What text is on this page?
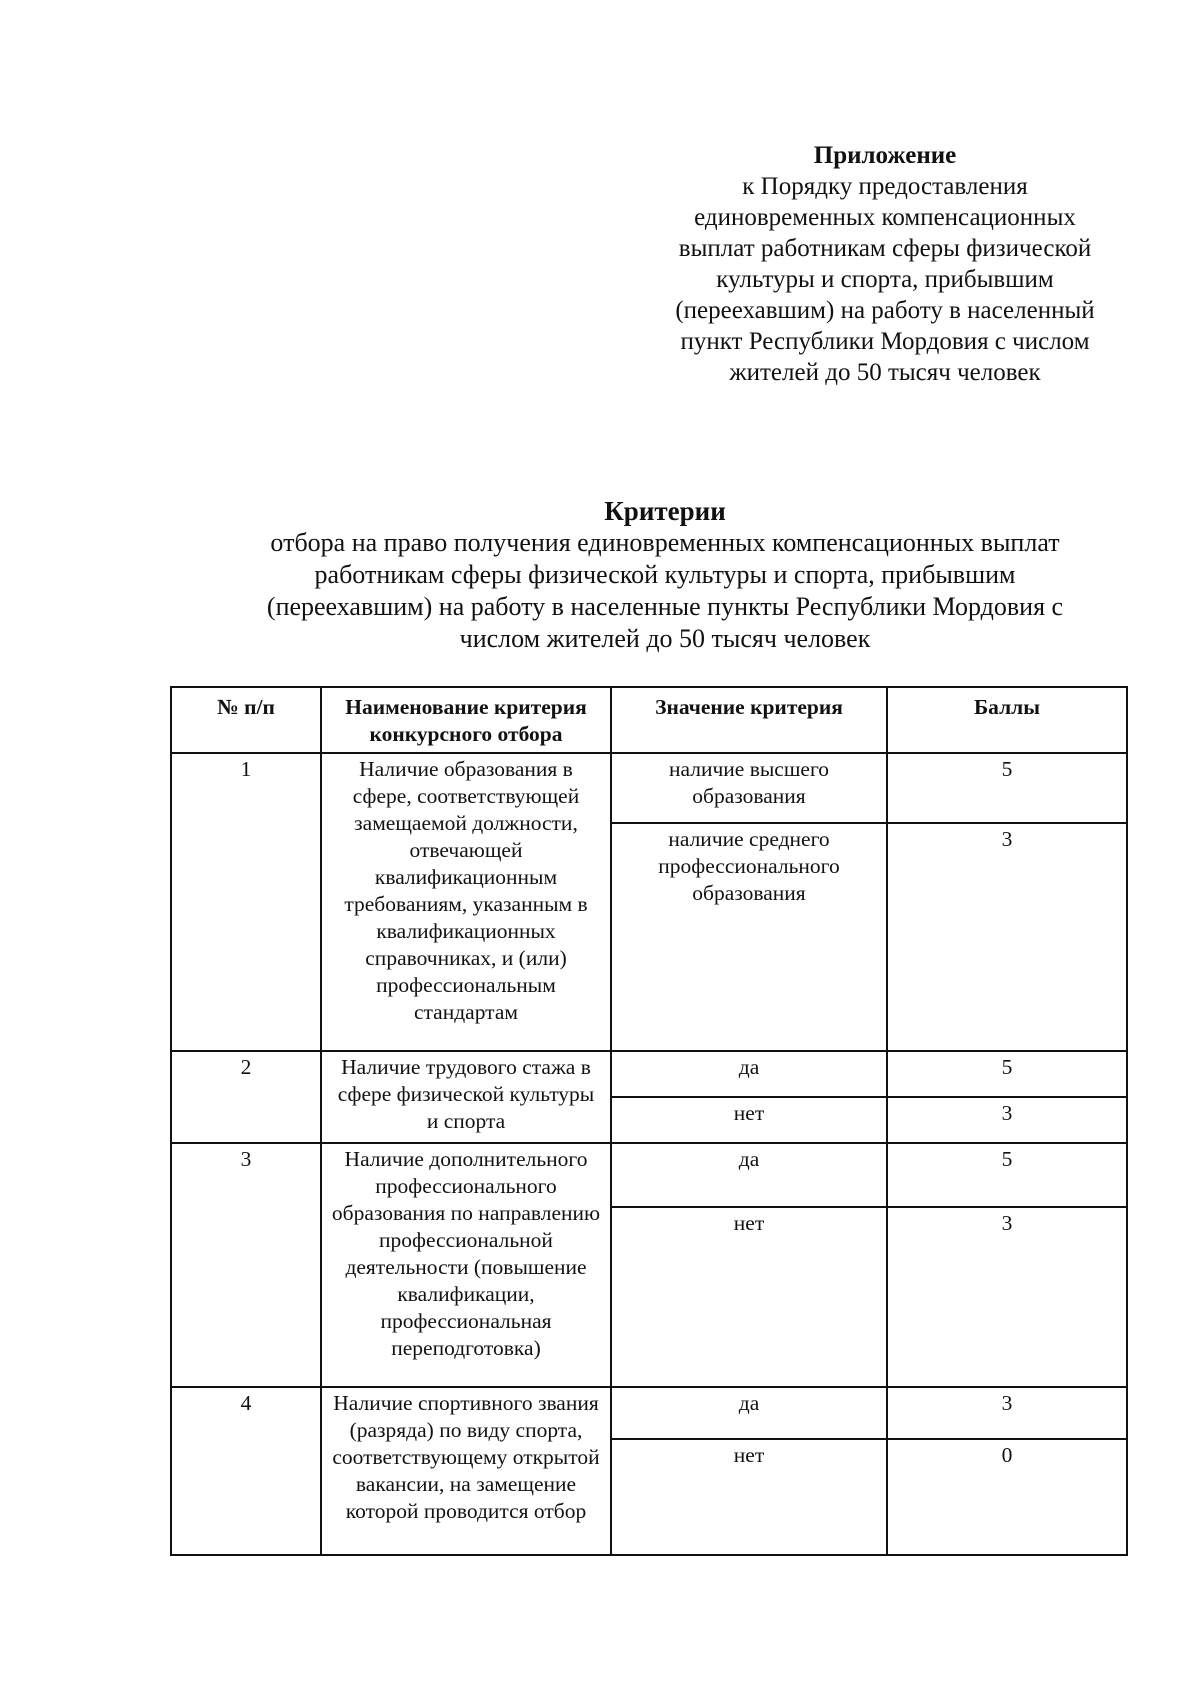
Приложение
к Порядку предоставления
единовременных компенсационных
выплат работникам сферы физической
культуры и спорта, прибывшим
(переехавшим) на работу в населенный
пункт Республики Мордовия с числом
жителей до 50 тысяч человек
Критерии
отбора на право получения единовременных компенсационных выплат
работникам сферы физической культуры и спорта, прибывшим
(переехавшим) на работу в населенные пункты Республики Мордовия с
числом жителей до 50 тысяч человек
№ п/п	Наименование критерия конкурсного отбора	Значение критерия	Баллы
1	Наличие образования в сфере, соответствующей замещаемой должности, отвечающей квалификационным требованиям, указанным в квалификационных справочниках, и (или) профессиональным стандартам	наличие высшего образования	5
		наличие среднего профессионального образования	3
2	Наличие трудового стажа в сфере физической культуры и спорта	да	5
		нет	3
3	Наличие дополнительного профессионального образования по направлению профессиональной деятельности (повышение квалификации, профессиональная переподготовка)	да	5
		нет	3
4	Наличие спортивного звания (разряда) по виду спорта, соответствующему открытой вакансии, на замещение которой проводится отбор	да	3
		нет	0
